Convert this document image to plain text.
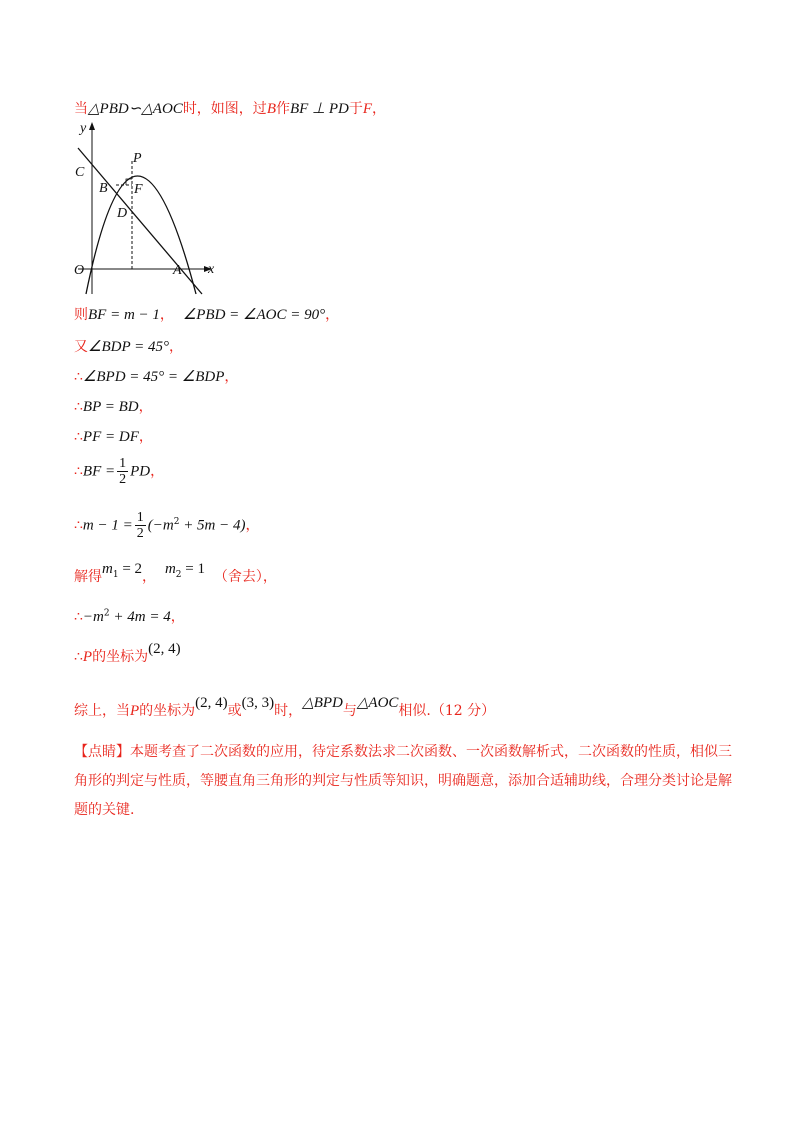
当△PBD∽△AOC时，如图，过B作BF ⊥ PD于F，
y
x
O	A
C
B
D
P
F
则BF = m − 1， ∠PBD = ∠AOC = 90°，
又∠BDP = 45°，
∴∠BPD = 45° = ∠BDP，
∴BP = BD，
∴PF = DF，
∴BF = $\frac{1}{2}$ PD，
∴m − $1 = \frac{1}{2} (-m^2 + 5m - 4)$，
解得$m_1 = 2$， $m_2 = 1$ （舍去），
$\therefore-m^2 + 4m = 4$，
∴P的坐标为(2, 4)
综上，当P的坐标为(2, 4)或(3, 3)时，△BPD与△AOC相似.（12 分）
【点睛】本题考查了二次函数的应用，待定系数法求二次函数、一次函数解析式，二次函数的性质，相似三角形的判定与性质，等腰直角三角形的判定与性质等知识，明确题意，添加合适辅助线，合理分类讨论是解题的关键.
